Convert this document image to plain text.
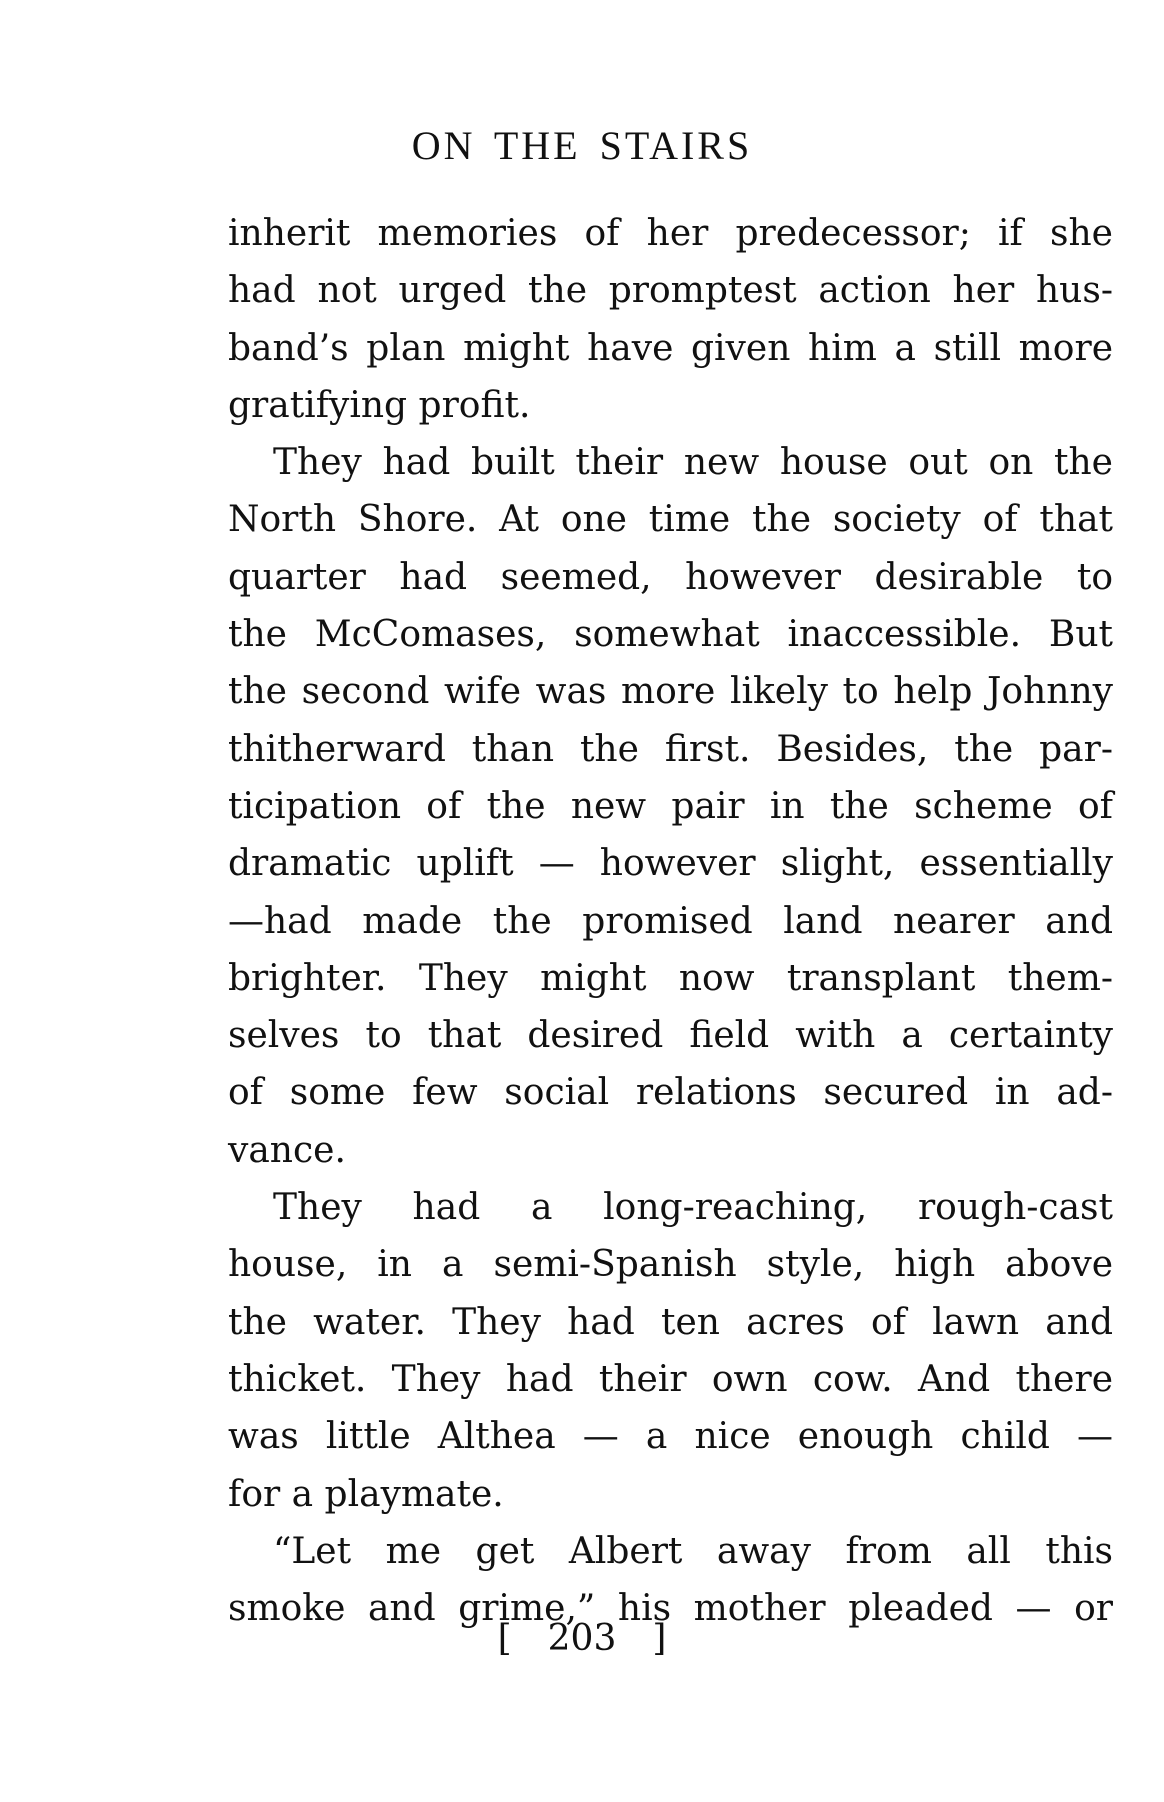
ON THE STAIRS
inherit memories of her predecessor; if she
had not urged the promptest action her hus-
band’s plan might have given him a still more
gratifying profit.
They had built their new house out on the
North Shore. At one time the society of that
quarter had seemed, however desirable to
the McComases, somewhat inaccessible. But
the second wife was more likely to help Johnny
thitherward than the first. Besides, the par-
ticipation of the new pair in the scheme of
dramatic uplift — however slight, essentially
—had made the promised land nearer and
brighter. They might now transplant them-
selves to that desired field with a certainty
of some few social relations secured in ad-
vance.
They had a long-reaching, rough-cast
house, in a semi-Spanish style, high above
the water. They had ten acres of lawn and
thicket. They had their own cow. And there
was little Althea — a nice enough child —
for a playmate.
“Let me get Albert away from all this
smoke and grime,” his mother pleaded — or
[ 203 ]
